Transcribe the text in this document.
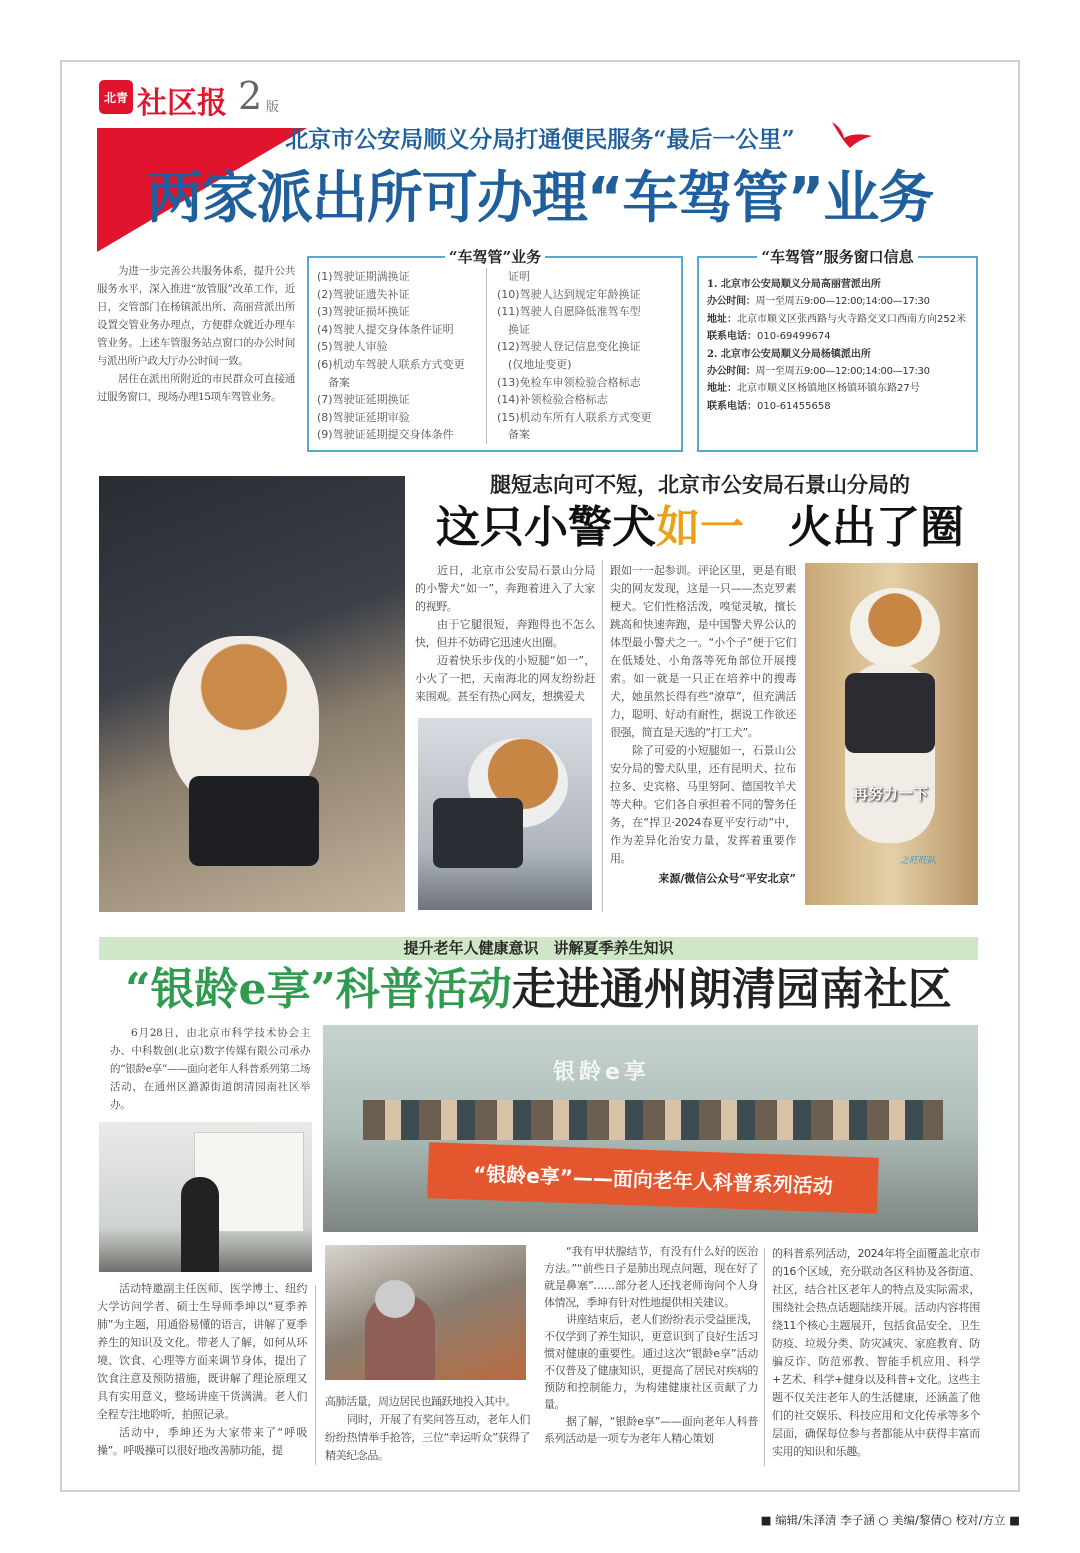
北青 社区报 2 版
北京市公安局顺义分局打通便民服务“最后一公里”
两家派出所可办理“车驾管”业务

为进一步完善公共服务体系，提升公共服务水平，深入推进“放管服”改革工作，近日，交管部门在杨镇派出所、高丽营派出所设置交管业务办理点，方便群众就近办理车管业务。上述车管服务站点窗口的办公时间与派出所户政大厅办公时间一致。

居住在派出所附近的市民群众可直接通过服务窗口，现场办理15项车驾管业务。

“车驾管”业务
(1)驾驶证期满换证
(2)驾驶证遗失补证
(3)驾驶证损坏换证
(4)驾驶人提交身体条件证明
(5)驾驶人审验
(6)机动车驾驶人联系方式变更
　备案
(7)驾驶证延期换证
(8)驾驶证延期审验
(9)驾驶证延期提交身体条件
　证明
(10)驾驶人达到规定年龄换证
(11)驾驶人自愿降低准驾车型
　换证
(12)驾驶人登记信息变化换证
　(仅地址变更)
(13)免检车申领检验合格标志
(14)补领检验合格标志
(15)机动车所有人联系方式变更
　备案
“车驾管”服务窗口信息
1. 北京市公安局顺义分局高丽营派出所
办公时间：周一至周五9:00—12:00;14:00—17:30
地址：北京市顺义区张西路与火寺路交叉口西南方向252米
联系电话：010-69499674
2. 北京市公安局顺义分局杨镇派出所
办公时间：周一至周五9:00—12:00;14:00—17:30
地址：北京市顺义区杨镇地区杨镇环镇东路27号
联系电话：010-61455658
腿短志向可不短，北京市公安局石景山分局的
这只小警犬如一　火出了圈

近日，北京市公安局石景山分局的小警犬“如一”，奔跑着进入了大家的视野。

由于它腿很短，奔跑得也不怎么快，但并不妨碍它迅速火出圈。

迈着快乐步伐的小短腿“如一”，小火了一把，天南海北的网友纷纷赶来围观。甚至有热心网友，想携爱犬

跟如一一起参训。评论区里，更是有眼尖的网友发现，这是一只——杰克罗素梗犬。它们性格活泼，嗅觉灵敏，擅长跳高和快速奔跑，是中国警犬界公认的体型最小警犬之一。“小个子”便于它们在低矮处、小角落等死角部位开展搜索。如一就是一只正在培养中的搜毒犬，她虽然长得有些“潦草”，但充满活力，聪明、好动有耐性，据说工作欲还很强，简直是天选的“打工犬”。

除了可爱的小短腿如一，石景山公安分局的警犬队里，还有昆明犬、拉布拉多、史宾格、马里努阿、德国牧羊犬等犬种。它们各自承担着不同的警务任务，在“捍卫·2024春夏平安行动”中，作为差异化治安力量，发挥着重要作用。

来源/微信公众号“平安北京”
再努力一下
之旺旺队
提升老年人健康意识　讲解夏季养生知识
“银龄e享”科普活动走进通州朗清园南社区

6月28日，由北京市科学技术协会主办、中科数创(北京)数字传媒有限公司承办的“银龄e享”——面向老年人科普系列第二场活动，在通州区潞源街道朗清园南社区举办。

银龄e享
“银龄e享”——面向老年人科普系列活动

活动特邀副主任医师、医学博士、纽约大学访问学者、硕士生导师季坤以“夏季养肺”为主题，用通俗易懂的语言，讲解了夏季养生的知识及文化。带老人了解，如何从环境、饮食、心理等方面来调节身体，提出了饮食注意及预防措施，既讲解了理论原理又具有实用意义，整场讲座干货满满。老人们全程专注地聆听，拍照记录。

活动中，季坤还为大家带来了“呼吸操”。呼吸操可以很好地改善肺功能，提

高肺活量，周边居民也踊跃地投入其中。

同时，开展了有奖问答互动，老年人们纷纷热情举手抢答，三位“幸运听众”获得了精美纪念品。

“我有甲状腺结节，有没有什么好的医治方法。”“前些日子是肺出现点问题，现在好了就是鼻塞”……部分老人还找老师询问个人身体情况，季坤有针对性地提供相关建议。

讲座结束后，老人们纷纷表示受益匪浅，不仅学到了养生知识，更意识到了良好生活习惯对健康的重要性。通过这次“银龄e享”活动不仅普及了健康知识，更提高了居民对疾病的预防和控制能力，为构建健康社区贡献了力量。

据了解，“银龄e享”——面向老年人科普系列活动是一项专为老年人精心策划

的科普系列活动，2024年将全面覆盖北京市的16个区域，充分联动各区科协及各街道、社区，结合社区老年人的特点及实际需求，围绕社会热点话题陆续开展。活动内容将围绕11个核心主题展开，包括食品安全、卫生防疫、垃圾分类、防灾减灾、家庭教育、防骗反诈、防范邪教、智能手机应用、科学+艺术、科学+健身以及科普+文化。这些主题不仅关注老年人的生活健康，还涵盖了他们的社交娱乐、科技应用和文化传承等多个层面，确保每位参与者都能从中获得丰富而实用的知识和乐趣。

■ 编辑/朱泽清 李子涵 ○ 美编/黎倩○ 校对/方立 ■
